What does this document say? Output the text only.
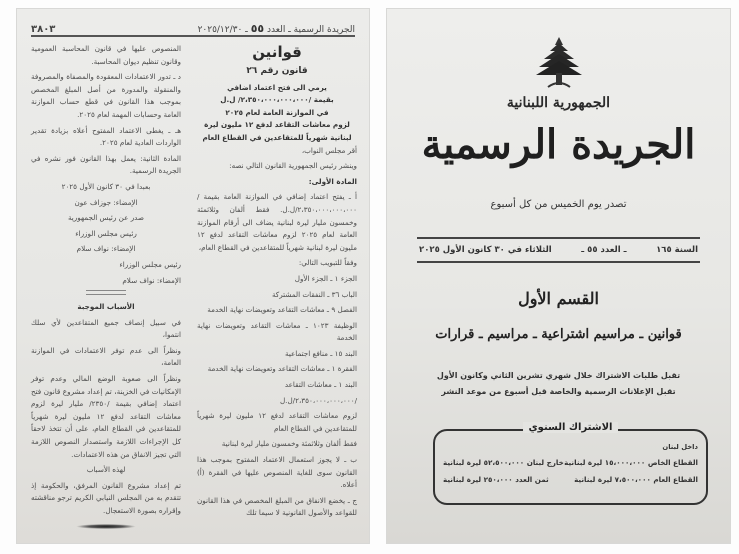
٣٨٠٣	الجريدة الرسمية ـ العدد ٥٥ ـ ٢٠٢٥/١٢/٣٠
قوانين
قانون رقم ٢٦
يرمي الى فتح اعتماد اضافي
بقيمة /٢،٣٥٠،٠٠٠،٠٠٠،٠٠٠/ ل.ل
في الموازنة العامة لعام ٢٠٢٥
لزوم معاشات التقاعد لدفع ١٢ مليون ليرة
لبنانية شهرياً للمتقاعدين في القطاع العام

أقر مجلس النواب،

وينشر رئيس الجمهورية القانون التالي نصه:

المادة الأولى:

أ ـ يفتح اعتماد إضافي في الموازنة العامة بقيمة /٢،٣٥٠،٠٠٠،٠٠٠،٠٠٠/ل.ل. فقط ألفان وثلاثمئة وخمسون مليار ليرة لبنانية يضاف الى أرقام الموازنة العامة لعام ٢٠٢٥ لزوم معاشات التقاعد لدفع ١٢ مليون ليرة لبنانية شهرياً للمتقاعدين في القطاع العام،

وفقاً للتبويب التالي:

الجزء ١ ـ الجزء الأول

الباب ٣٦ ـ النفقات المشتركة

الفصل ٩ ـ معاشات التقاعد وتعويضات نهاية الخدمة

الوظيفة ١٠٢٣ ـ معاشات التقاعد وتعويضات نهاية الخدمة

البند ١٥ ـ منافع اجتماعية

الفقرة ١ ـ معاشات التقاعد وتعويضات نهاية الخدمة

البند ١ ـ معاشات التقاعد

/٢،٣٥٠،٠٠٠،٠٠٠،٠٠٠/ل.ل

لزوم معاشات التقاعد لدفع ١٢ مليون ليرة شهرياً للمتقاعدين في القطاع العام

فقط ألفان وثلاثمئة وخمسون مليار ليرة لبنانية

ب ـ لا يجوز استعمال الاعتماد المفتوح بموجب هذا القانون سوى للغاية المنصوص عليها في الفقرة (أ) أعلاه.

ج ـ يخضع الانفاق من المبلغ المخصص في هذا القانون للقواعد والأصول القانونية لا سيما تلك

المنصوص عليها في قانون المحاسبة العمومية وقانون تنظيم ديوان المحاسبة.

د ـ تدور الاعتمادات المعقودة والمصفاة والمصروفة والمنقولة والمدورة من أصل المبلغ المخصص بموجب هذا القانون في قطع حساب الموازنة العامة وحسابات المهمة لعام ٢٠٢٥.

هـ ـ يغطى الاعتماد المفتوح أعلاه بزيادة تقدير الواردات العادية لعام ٢٠٢٥.

المادة الثانية: يعمل بهذا القانون فور نشره في الجريدة الرسمية.

بعبدا في ٣٠ كانون الأول ٢٠٢٥

الإمضاء: جوزاف عون

صدر عن رئيس الجمهورية

رئيس مجلس الوزراء

الإمضاء: نواف سلام

رئيس مجلس الوزراء

الإمضاء: نواف سلام

الأسباب الموجبة

في سبيل إنصاف جميع المتقاعدين لأي سلك انتموا،

ونظراً الى عدم توفر الاعتمادات في الموازنة العامة،

ونظراً الى صعوبة الوضع المالي وعدم توفر الإمكانيات في الخزينة، تم إعداد مشروع قانون فتح اعتماد إضافي بقيمة /٢٣٥٠/ مليار ليرة لزوم معاشات التقاعد لدفع ١٢ مليون ليرة شهرياً للمتقاعدين في القطاع العام، على أن تتخذ لاحقاً كل الإجراءات اللازمة واستصدار النصوص اللازمة التي تجيز الانفاق من هذه الاعتمادات.

لهذه الأسباب

تم إعداد مشروع القانون المرفق، والحكومة إذ تتقدم به من المجلس النيابي الكريم ترجو مناقشته وإقراره بصورة الاستعجال.

الجمهورية اللبنانية
الجريدة الرسمية
تصدر يوم الخميس من كل أسبوع
السنة ١٦٥
ـ العدد ٥٥ ـ
الثلاثاء في ٣٠ كانون الأول ٢٠٢٥
القسم الأول
قوانين ـ مراسيم اشتراعية ـ مراسيم ـ قرارات
تقبل طلبات الاشتراك خلال شهري تشرين الثاني وكانون الأول
تقبل الإعلانات الرسمية والخاصة قبل أسبوع من موعد النشر
الاشتراك السنوي
داخل لبنان
القطاع الخاص ١٥،٠٠٠،٠٠٠ ليرة لبنانية
خارج لبنان ٥٢،٥٠٠،٠٠٠ ليرة لبنانية
القطاع العام ٧،٥٠٠،٠٠٠ ليرة لبنانية
ثمن العدد ٢٥٠،٠٠٠ ليرة لبنانية
